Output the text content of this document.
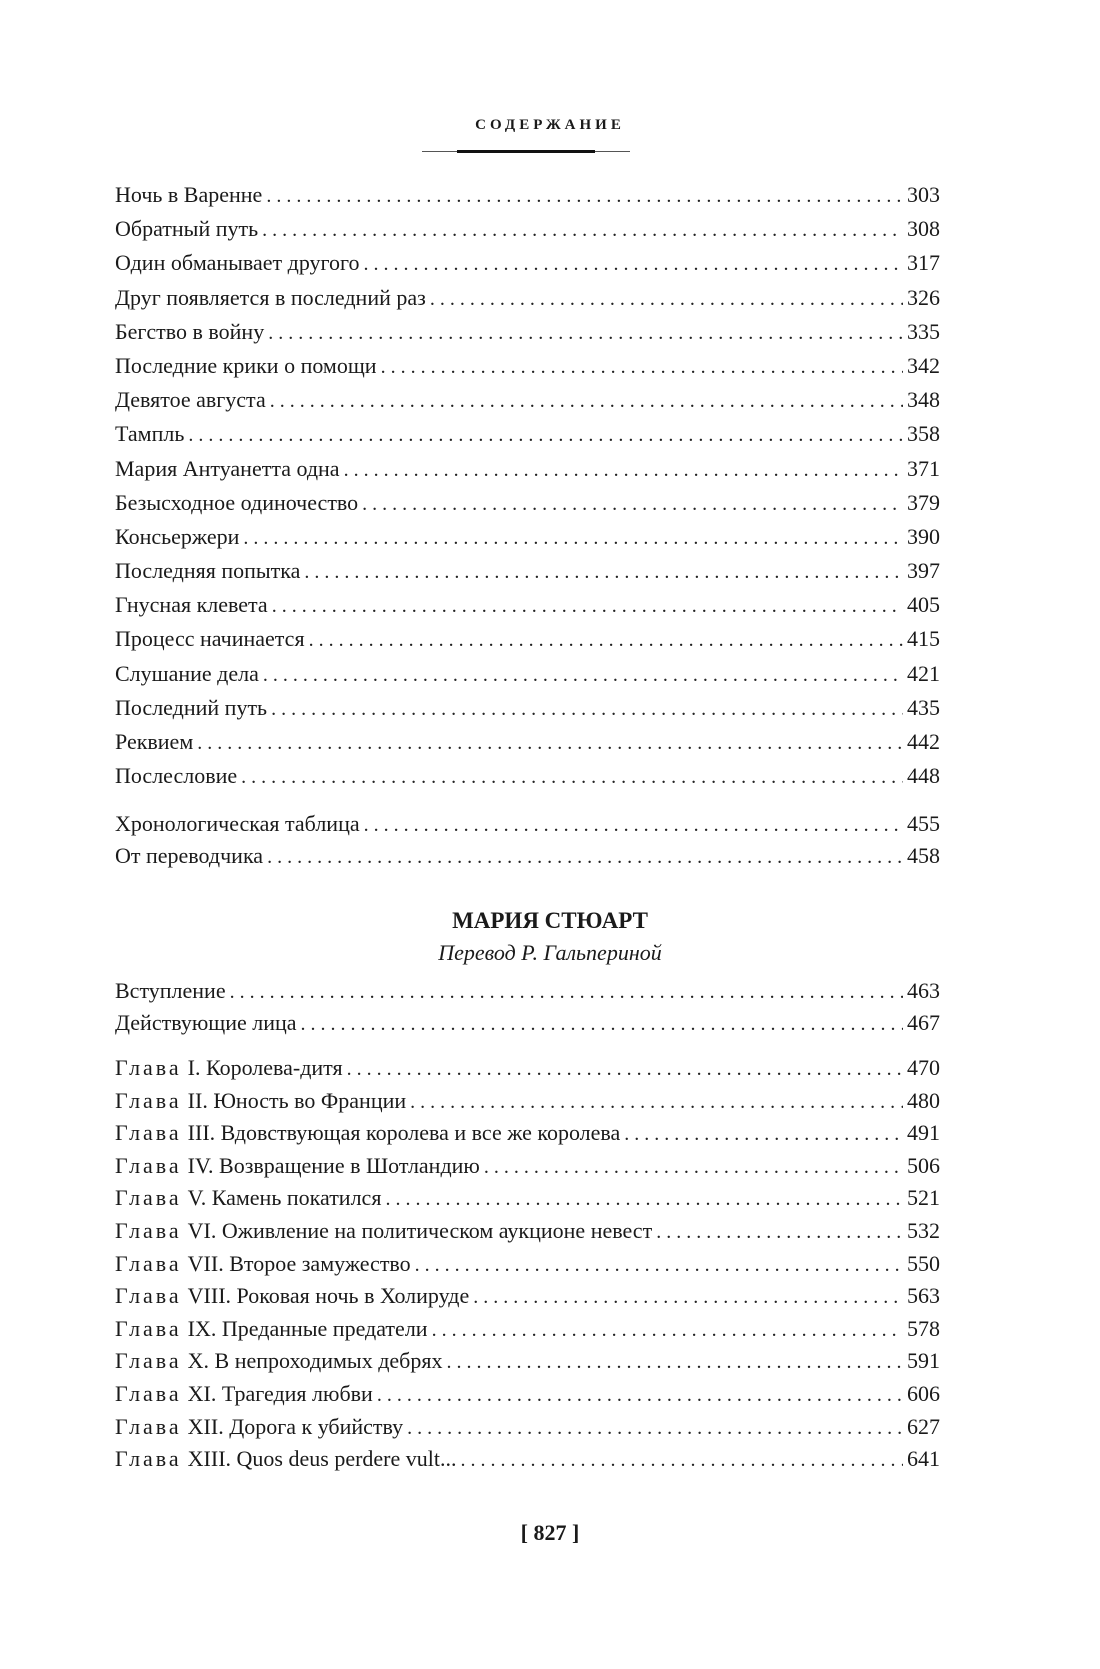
СОДЕРЖАНИЕ
Ночь в Варенне . . .	303
Обратный путь . . .	308
Один обманывает другого . . .	317
Друг появляется в последний раз . . .	326
Бегство в войну . . .	335
Последние крики о помощи . . .	342
Девятое августа . . .	348
Тампль . . .	358
Мария Антуанетта одна . . .	371
Безысходное одиночество . . .	379
Консьержери . . .	390
Последняя попытка . . .	397
Гнусная клевета . . .	405
Процесс начинается . . .	415
Слушание дела . . .	421
Последний путь . . .	435
Реквием . . .	442
Послесловие . . .	448
Хронологическая таблица . . .	455
От переводчика . . .	458
МАРИЯ СТЮАРТ
Перевод Р. Гальпериной
Вступление . . .	463
Действующие лица . . .	467
Глава I. Королева-дитя . . .	470
Глава II. Юность во Франции . . .	480
Глава III. Вдовствующая королева и все же королева . . .	491
Глава IV. Возвращение в Шотландию . . .	506
Глава V. Камень покатился . . .	521
Глава VI. Оживление на политическом аукционе невест . . .	532
Глава VII. Второе замужество . . .	550
Глава VIII. Роковая ночь в Холируде . . .	563
Глава IX. Преданные предатели . . .	578
Глава X. В непроходимых дебрях . . .	591
Глава XI. Трагедия любви . . .	606
Глава XII. Дорога к убийству . . .	627
Глава XIII. Quos deus perdere vult... . . .	641
[ 827 ]
